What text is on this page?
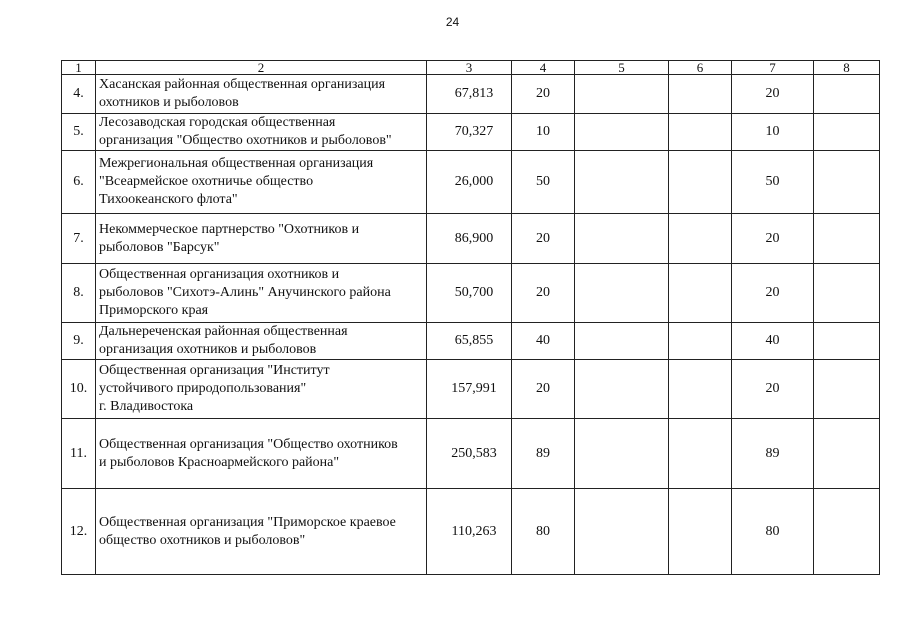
24
1	2	3	4	5	6	7	8
4.	Хасанская районная общественная организация
охотников и рыболовов	67,813	20			20	
5.	Лесозаводская городская общественная
организация "Общество охотников и рыболовов"	70,327	10			10	
6.	Межрегиональная общественная организация
"Всеармейское охотничье общество
Тихоокеанского флота"	26,000	50			50	
7.	Некоммерческое партнерство "Охотников и
рыболовов "Барсук"	86,900	20			20	
8.	Общественная организация охотников и
рыболовов "Сихотэ-Алинь" Анучинского района
Приморского края	50,700	20			20	
9.	Дальнереченская районная общественная
организация охотников и рыболовов	65,855	40			40	
10.	Общественная организация "Институт
устойчивого природопользования"
г. Владивостока	157,991	20			20	
11.	Общественная организация "Общество охотников
и рыболовов Красноармейского района"	250,583	89			89	
12.	Общественная организация "Приморское краевое
общество охотников и рыболовов"	110,263	80			80	
